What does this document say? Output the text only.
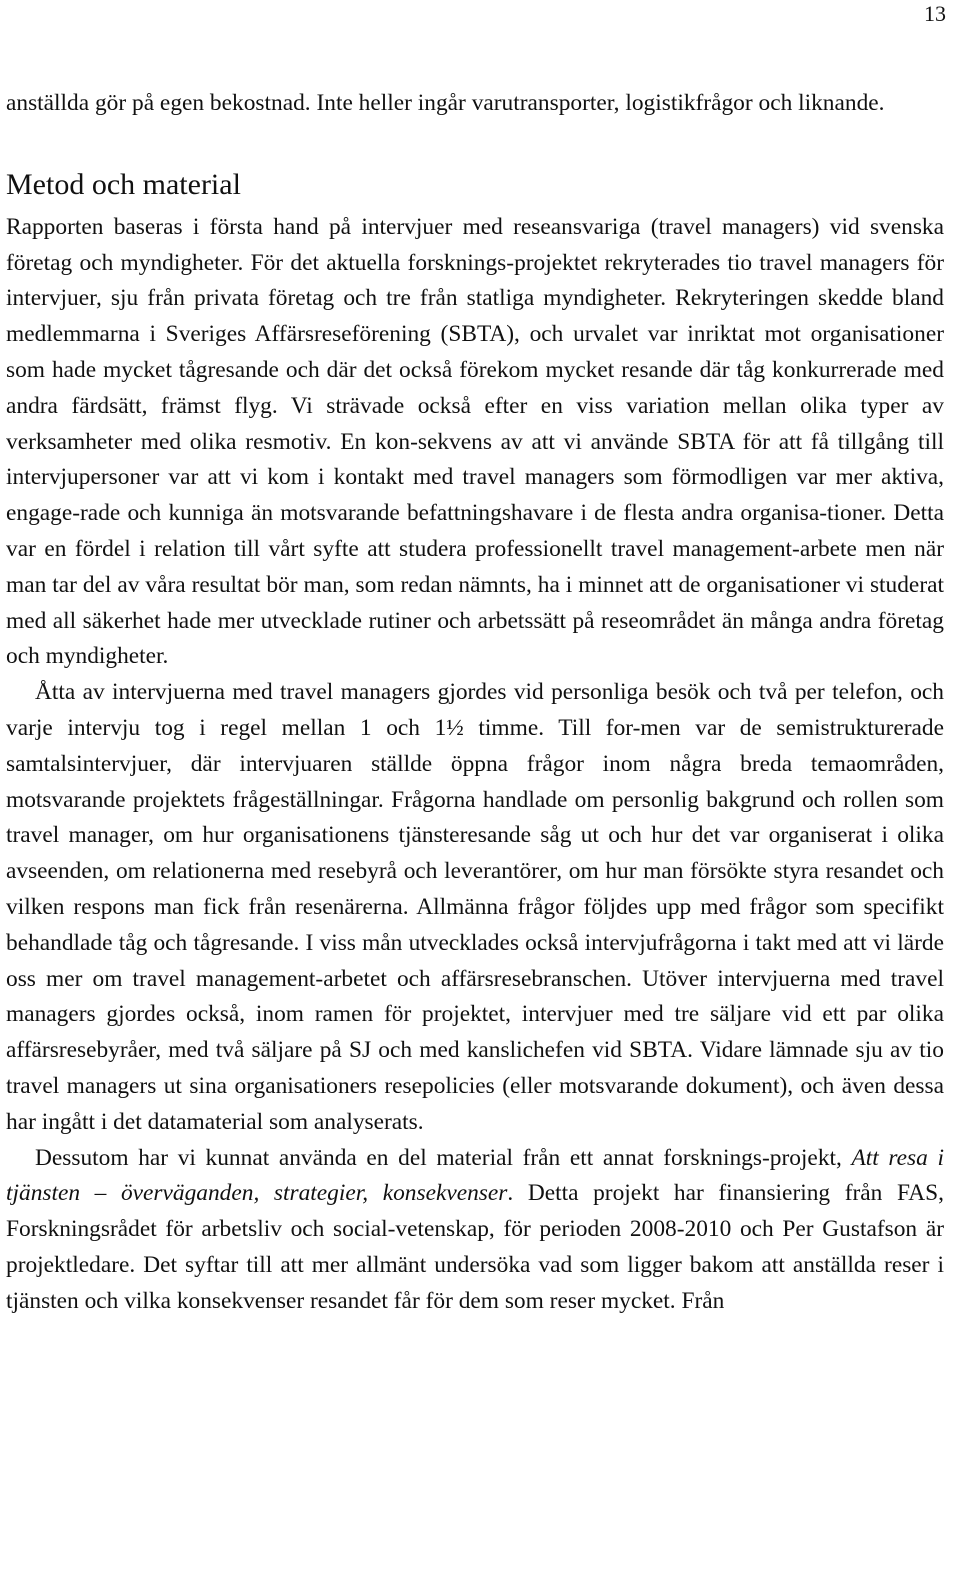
13

anställda gör på egen bekostnad. Inte heller ingår varutransporter, logistikfrågor och liknande.

Metod och material

Rapporten baseras i första hand på intervjuer med reseansvariga (travel managers) vid svenska företag och myndigheter. För det aktuella forsknings-projektet rekryterades tio travel managers för intervjuer, sju från privata företag och tre från statliga myndigheter. Rekryteringen skedde bland medlemmarna i Sveriges Affärsreseförening (SBTA), och urvalet var inriktat mot organisationer som hade mycket tågresande och där det också förekom mycket resande där tåg konkurrerade med andra färdsätt, främst flyg. Vi strävade också efter en viss variation mellan olika typer av verksamheter med olika resmotiv. En kon-sekvens av att vi använde SBTA för att få tillgång till intervjupersoner var att vi kom i kontakt med travel managers som förmodligen var mer aktiva, engage-rade och kunniga än motsvarande befattningshavare i de flesta andra organisa-tioner. Detta var en fördel i relation till vårt syfte att studera professionellt travel management-arbete men när man tar del av våra resultat bör man, som redan nämnts, ha i minnet att de organisationer vi studerat med all säkerhet hade mer utvecklade rutiner och arbetssätt på reseområdet än många andra företag och myndigheter.

Åtta av intervjuerna med travel managers gjordes vid personliga besök och två per telefon, och varje intervju tog i regel mellan 1 och 1½ timme. Till for-men var de semistrukturerade samtalsintervjuer, där intervjuaren ställde öppna frågor inom några breda temaområden, motsvarande projektets frågeställningar. Frågorna handlade om personlig bakgrund och rollen som travel manager, om hur organisationens tjänsteresande såg ut och hur det var organiserat i olika avseenden, om relationerna med resebyrå och leverantörer, om hur man försökte styra resandet och vilken respons man fick från resenärerna. Allmänna frågor följdes upp med frågor som specifikt behandlade tåg och tågresande. I viss mån utvecklades också intervjufrågorna i takt med att vi lärde oss mer om travel management-arbetet och affärsresebranschen. Utöver intervjuerna med travel managers gjordes också, inom ramen för projektet, intervjuer med tre säljare vid ett par olika affärsresebyråer, med två säljare på SJ och med kanslichefen vid SBTA. Vidare lämnade sju av tio travel managers ut sina organisationers resepolicies (eller motsvarande dokument), och även dessa har ingått i det datamaterial som analyserats.

Dessutom har vi kunnat använda en del material från ett annat forsknings-projekt, Att resa i tjänsten – överväganden, strategier, konsekvenser. Detta projekt har finansiering från FAS, Forskningsrådet för arbetsliv och social-vetenskap, för perioden 2008-2010 och Per Gustafson är projektledare. Det syftar till att mer allmänt undersöka vad som ligger bakom att anställda reser i tjänsten och vilka konsekvenser resandet får för dem som reser mycket. Från
